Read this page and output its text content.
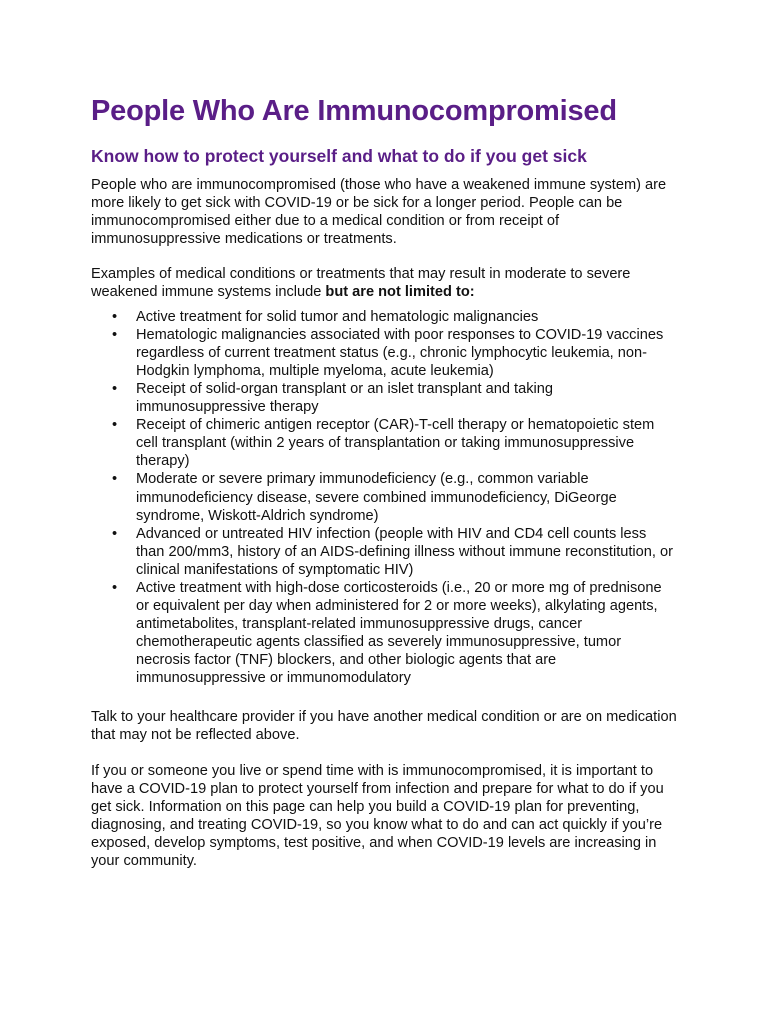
People Who Are Immunocompromised
Know how to protect yourself and what to do if you get sick

People who are immunocompromised (those who have a weakened immune system) are more likely to get sick with COVID-19 or be sick for a longer period. People can be immunocompromised either due to a medical condition or from receipt of immunosuppressive medications or treatments.

Examples of medical conditions or treatments that may result in moderate to severe weakened immune systems include but are not limited to:

• Active treatment for solid tumor and hematologic malignancies
• Hematologic malignancies associated with poor responses to COVID-19 vaccines regardless of current treatment status (e.g., chronic lymphocytic leukemia, non-Hodgkin lymphoma, multiple myeloma, acute leukemia)
• Receipt of solid-organ transplant or an islet transplant and taking immunosuppressive therapy
• Receipt of chimeric antigen receptor (CAR)-T-cell therapy or hematopoietic stem cell transplant (within 2 years of transplantation or taking immunosuppressive therapy)
• Moderate or severe primary immunodeficiency (e.g., common variable immunodeficiency disease, severe combined immunodeficiency, DiGeorge syndrome, Wiskott-Aldrich syndrome)
• Advanced or untreated HIV infection (people with HIV and CD4 cell counts less than 200/mm3, history of an AIDS-defining illness without immune reconstitution, or clinical manifestations of symptomatic HIV)
• Active treatment with high-dose corticosteroids (i.e., 20 or more mg of prednisone or equivalent per day when administered for 2 or more weeks), alkylating agents, antimetabolites, transplant-related immunosuppressive drugs, cancer chemotherapeutic agents classified as severely immunosuppressive, tumor necrosis factor (TNF) blockers, and other biologic agents that are immunosuppressive or immunomodulatory

Talk to your healthcare provider if you have another medical condition or are on medication that may not be reflected above.

If you or someone you live or spend time with is immunocompromised, it is important to have a COVID-19 plan to protect yourself from infection and prepare for what to do if you get sick. Information on this page can help you build a COVID-19 plan for preventing, diagnosing, and treating COVID-19, so you know what to do and can act quickly if you’re exposed, develop symptoms, test positive, and when COVID-19 levels are increasing in your community.
